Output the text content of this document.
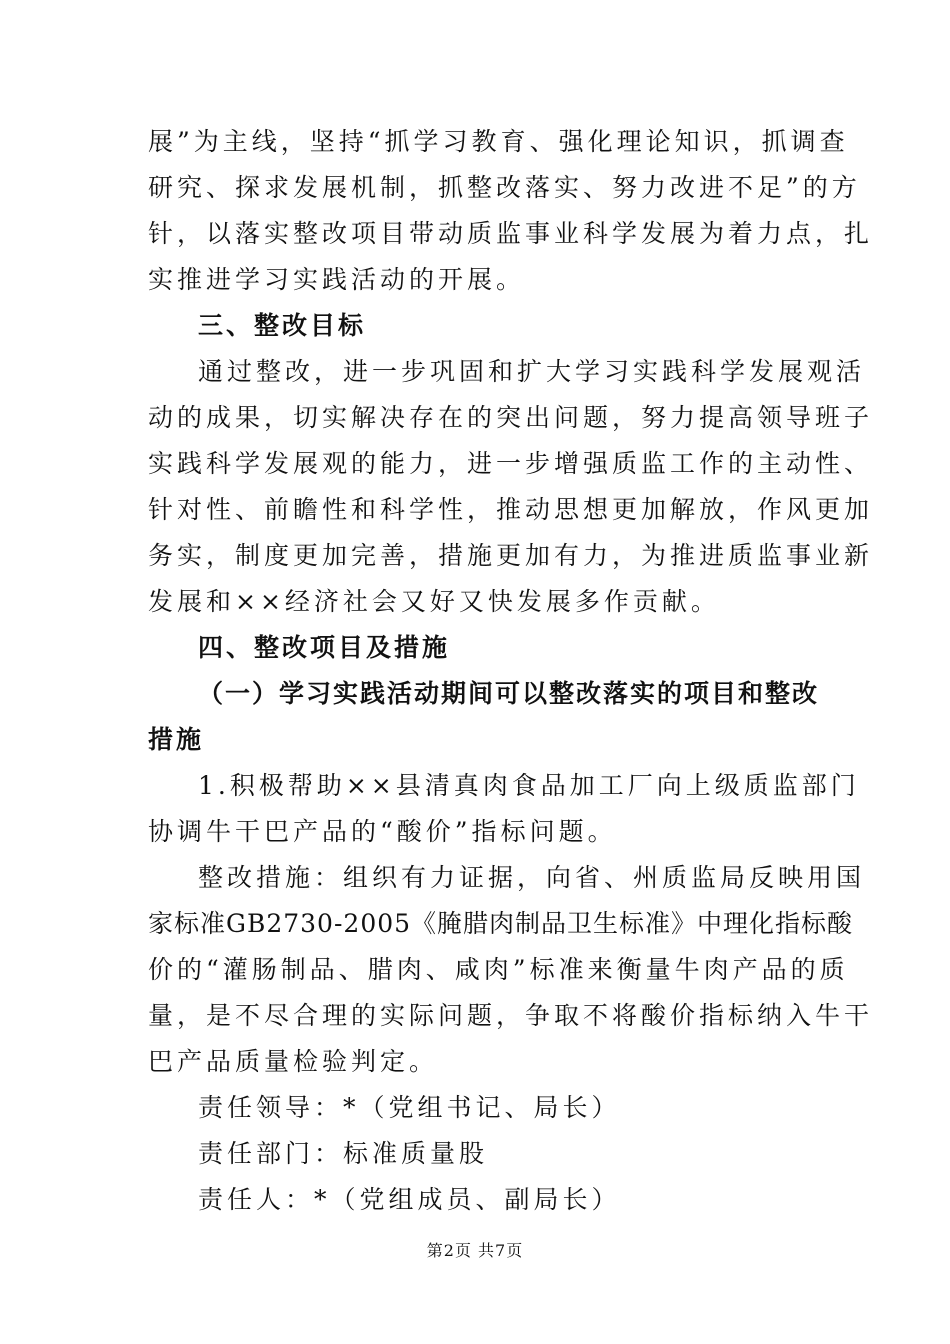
展”为主线，坚持“抓学习教育、强化理论知识，抓调查
研究、探求发展机制，抓整改落实、努力改进不足”的方
针，以落实整改项目带动质监事业科学发展为着力点，扎
实推进学习实践活动的开展。
三、整改目标
通过整改，进一步巩固和扩大学习实践科学发展观活
动的成果，切实解决存在的突出问题，努力提高领导班子
实践科学发展观的能力，进一步增强质监工作的主动性、
针对性、前瞻性和科学性，推动思想更加解放，作风更加
务实，制度更加完善，措施更加有力，为推进质监事业新
发展和××经济社会又好又快发展多作贡献。
四、整改项目及措施
（一）学习实践活动期间可以整改落实的项目和整改
措施
1.积极帮助××县清真肉食品加工厂向上级质监部门
协调牛干巴产品的“酸价”指标问题。
整改措施：组织有力证据，向省、州质监局反映用国
家标准GB2730-2005《腌腊肉制品卫生标准》中理化指标酸
价的“灌肠制品、腊肉、咸肉”标准来衡量牛肉产品的质
量，是不尽合理的实际问题，争取不将酸价指标纳入牛干
巴产品质量检验判定。
责任领导：*（党组书记、局长）
责任部门：标准质量股
责任人：*（党组成员、副局长）
第2页 共7页
